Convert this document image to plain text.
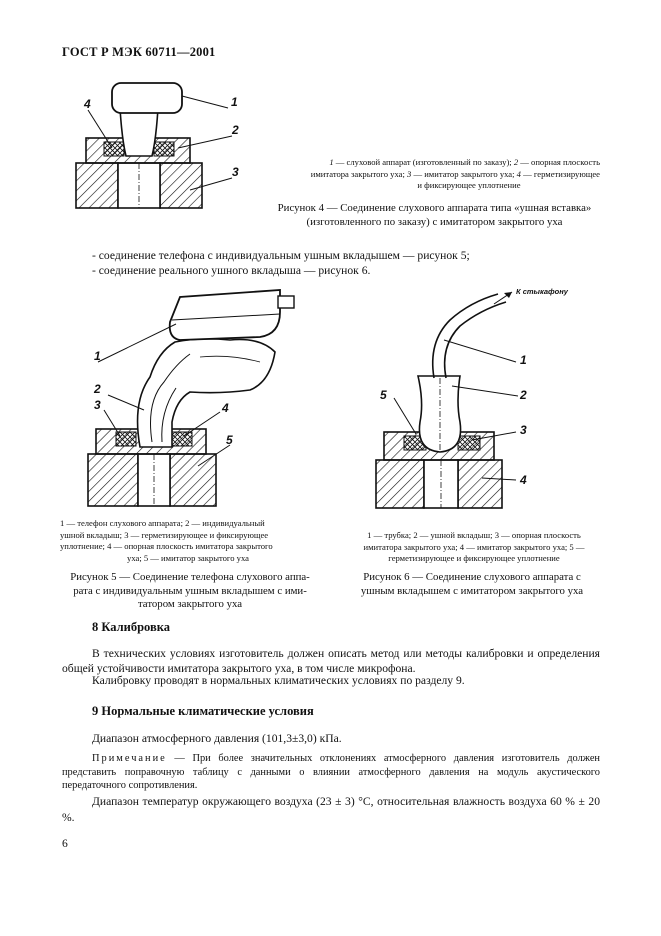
ГОСТ Р МЭК 60711—2001
1
2
3
4
1 — слуховой аппарат (изготовленный по заказу); 2 — опорная плоскость
имитатора закрытого уха; 3 — имитатор закрытого уха; 4 — герметизирующее
и фиксирующее уплотнение
Рисунок 4 — Соединение слухового аппарата типа «ушная вставка»
(изготовленного по заказу) с имитатором закрытого уха
- соединение телефона с индивидуальным ушным вкладышем — рисунок 5;
- соединение реального ушного вкладыша — рисунок 6.
1
2
3	4
5
К стыкафону
1
2
3
4
5
1 — телефон слухового аппарата; 2 — индивидуальный
ушной вкладыш; 3 — герметизирующее и фиксирующее
уплотнение; 4 — опорная плоскость имитатора закрытого
уха; 5 — имитатор закрытого уха
1 — трубка; 2 — ушной вкладыш; 3 — опорная плоскость
имитатора закрытого уха; 4 — имитатор закрытого уха; 5 —
герметизирующее и фиксирующее уплотнение
Рисунок 5 — Соединение телефона слухового аппа-
рата с индивидуальным ушным вкладышем с ими-
татором закрытого уха
Рисунок 6 — Соединение слухового аппарата с
ушным вкладышем с имитатором закрытого уха
8 Калибровка
В технических условиях изготовитель должен описать метод или методы калибровки и определения общей устойчивости имитатора закрытого уха, в том числе микрофона.
Калибровку проводят в нормальных климатических условиях по разделу 9.
9 Нормальные климатические условия
Диапазон атмосферного давления (101,3±3,0) кПа.
Примечание — При более значительных отклонениях атмосферного давления изготовитель должен представить поправочную таблицу с данными о влиянии атмосферного давления на модуль акустического передаточного сопротивления.
Диапазон температур окружающего воздуха (23 ± 3) °С, относительная влажность воздуха 60 % ± 20 %.
6
